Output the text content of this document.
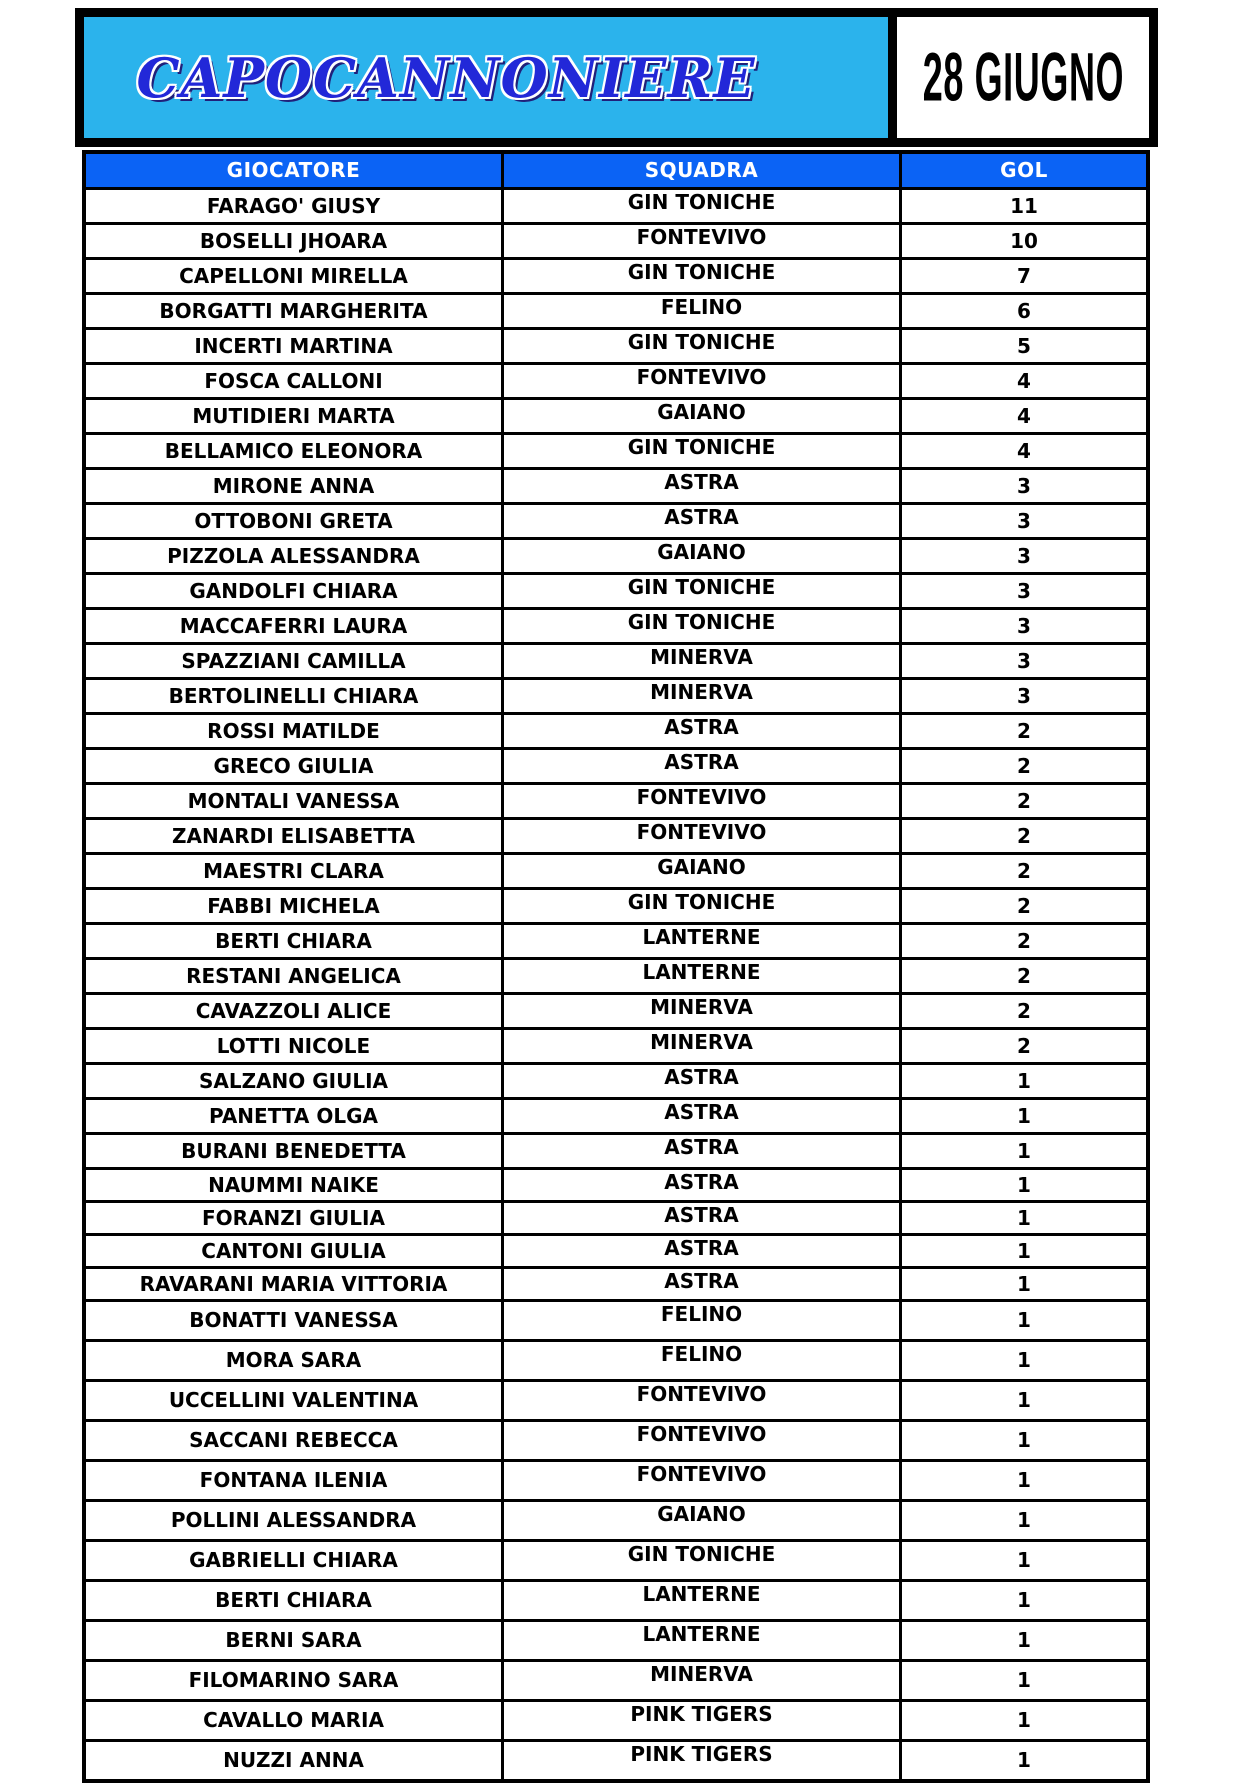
CAPOCANNONIERE	28 GIUGNO
GIOCATORE	SQUADRA	GOL
FARAGO' GIUSY	GIN TONICHE	11
BOSELLI JHOARA	FONTEVIVO	10
CAPELLONI MIRELLA	GIN TONICHE	7
BORGATTI MARGHERITA	FELINO	6
INCERTI MARTINA	GIN TONICHE	5
FOSCA CALLONI	FONTEVIVO	4
MUTIDIERI MARTA	GAIANO	4
BELLAMICO ELEONORA	GIN TONICHE	4
MIRONE ANNA	ASTRA	3
OTTOBONI GRETA	ASTRA	3
PIZZOLA ALESSANDRA	GAIANO	3
GANDOLFI CHIARA	GIN TONICHE	3
MACCAFERRI LAURA	GIN TONICHE	3
SPAZZIANI CAMILLA	MINERVA	3
BERTOLINELLI CHIARA	MINERVA	3
ROSSI MATILDE	ASTRA	2
GRECO GIULIA	ASTRA	2
MONTALI VANESSA	FONTEVIVO	2
ZANARDI ELISABETTA	FONTEVIVO	2
MAESTRI CLARA	GAIANO	2
FABBI MICHELA	GIN TONICHE	2
BERTI CHIARA	LANTERNE	2
RESTANI ANGELICA	LANTERNE	2
CAVAZZOLI ALICE	MINERVA	2
LOTTI NICOLE	MINERVA	2
SALZANO GIULIA	ASTRA	1
PANETTA OLGA	ASTRA	1
BURANI BENEDETTA	ASTRA	1
NAUMMI NAIKE	ASTRA	1
FORANZI GIULIA	ASTRA	1
CANTONI GIULIA	ASTRA	1
RAVARANI MARIA VITTORIA	ASTRA	1
BONATTI VANESSA	FELINO	1
MORA SARA	FELINO	1
UCCELLINI VALENTINA	FONTEVIVO	1
SACCANI REBECCA	FONTEVIVO	1
FONTANA ILENIA	FONTEVIVO	1
POLLINI ALESSANDRA	GAIANO	1
GABRIELLI CHIARA	GIN TONICHE	1
BERTI CHIARA	LANTERNE	1
BERNI SARA	LANTERNE	1
FILOMARINO SARA	MINERVA	1
CAVALLO MARIA	PINK TIGERS	1
NUZZI ANNA	PINK TIGERS	1
